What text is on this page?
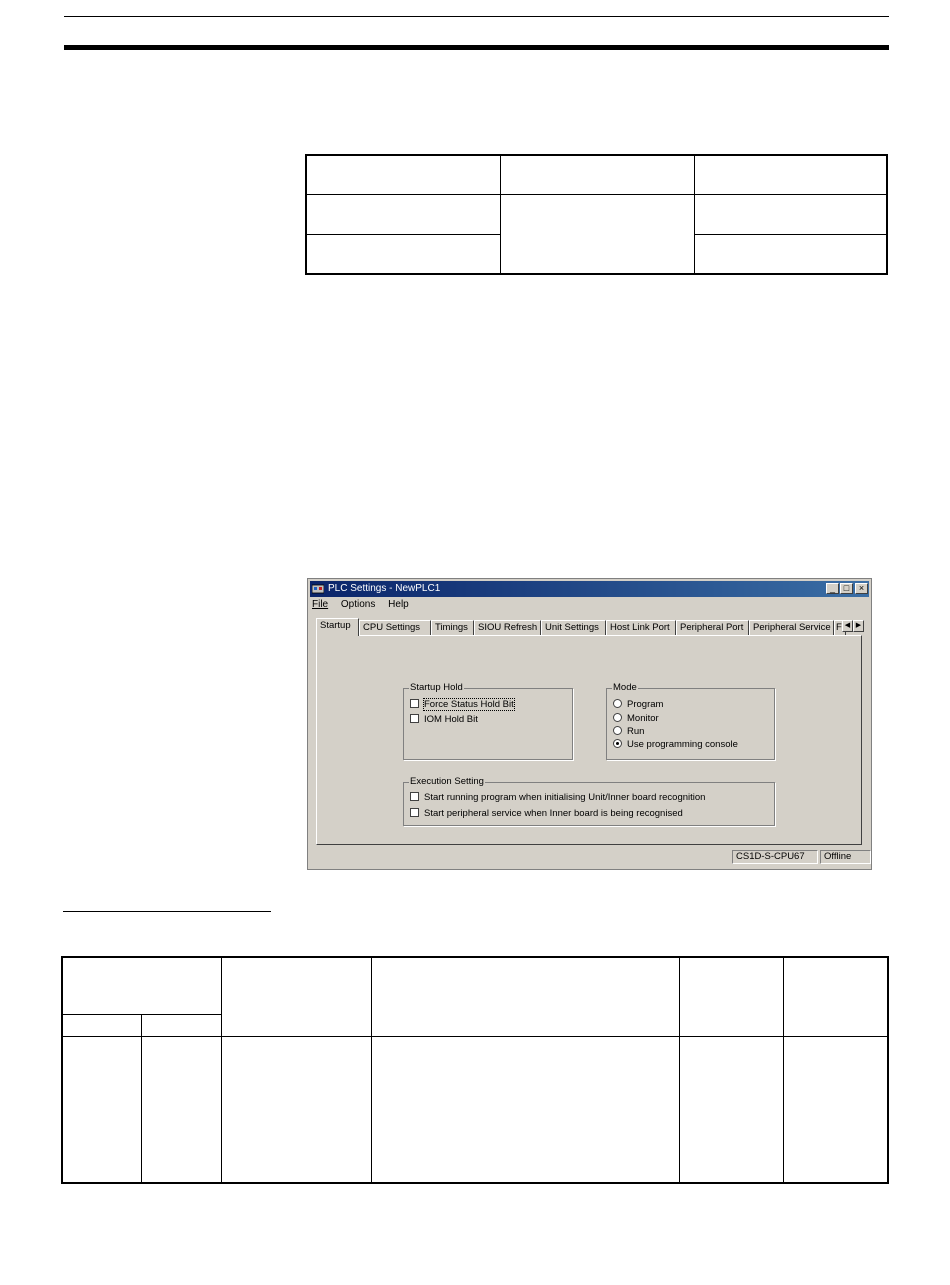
PLC Settings - NewPLC1	_ □	×
File Options Help
Startup	CPU Settings	Timings	SIOU Refresh Unit Settings	Host Link Port	Peripheral Port	Peripheral Service F ◀ ▶
Startup Hold
Force Status Hold Bit
IOM Hold Bit
Mode
Program
Monitor
Run
Use programming console
Execution Setting
Start running program when initialising Unit/Inner board recognition
Start peripheral service when Inner board is being recognised
CS1D-S-CPU67	Offline
